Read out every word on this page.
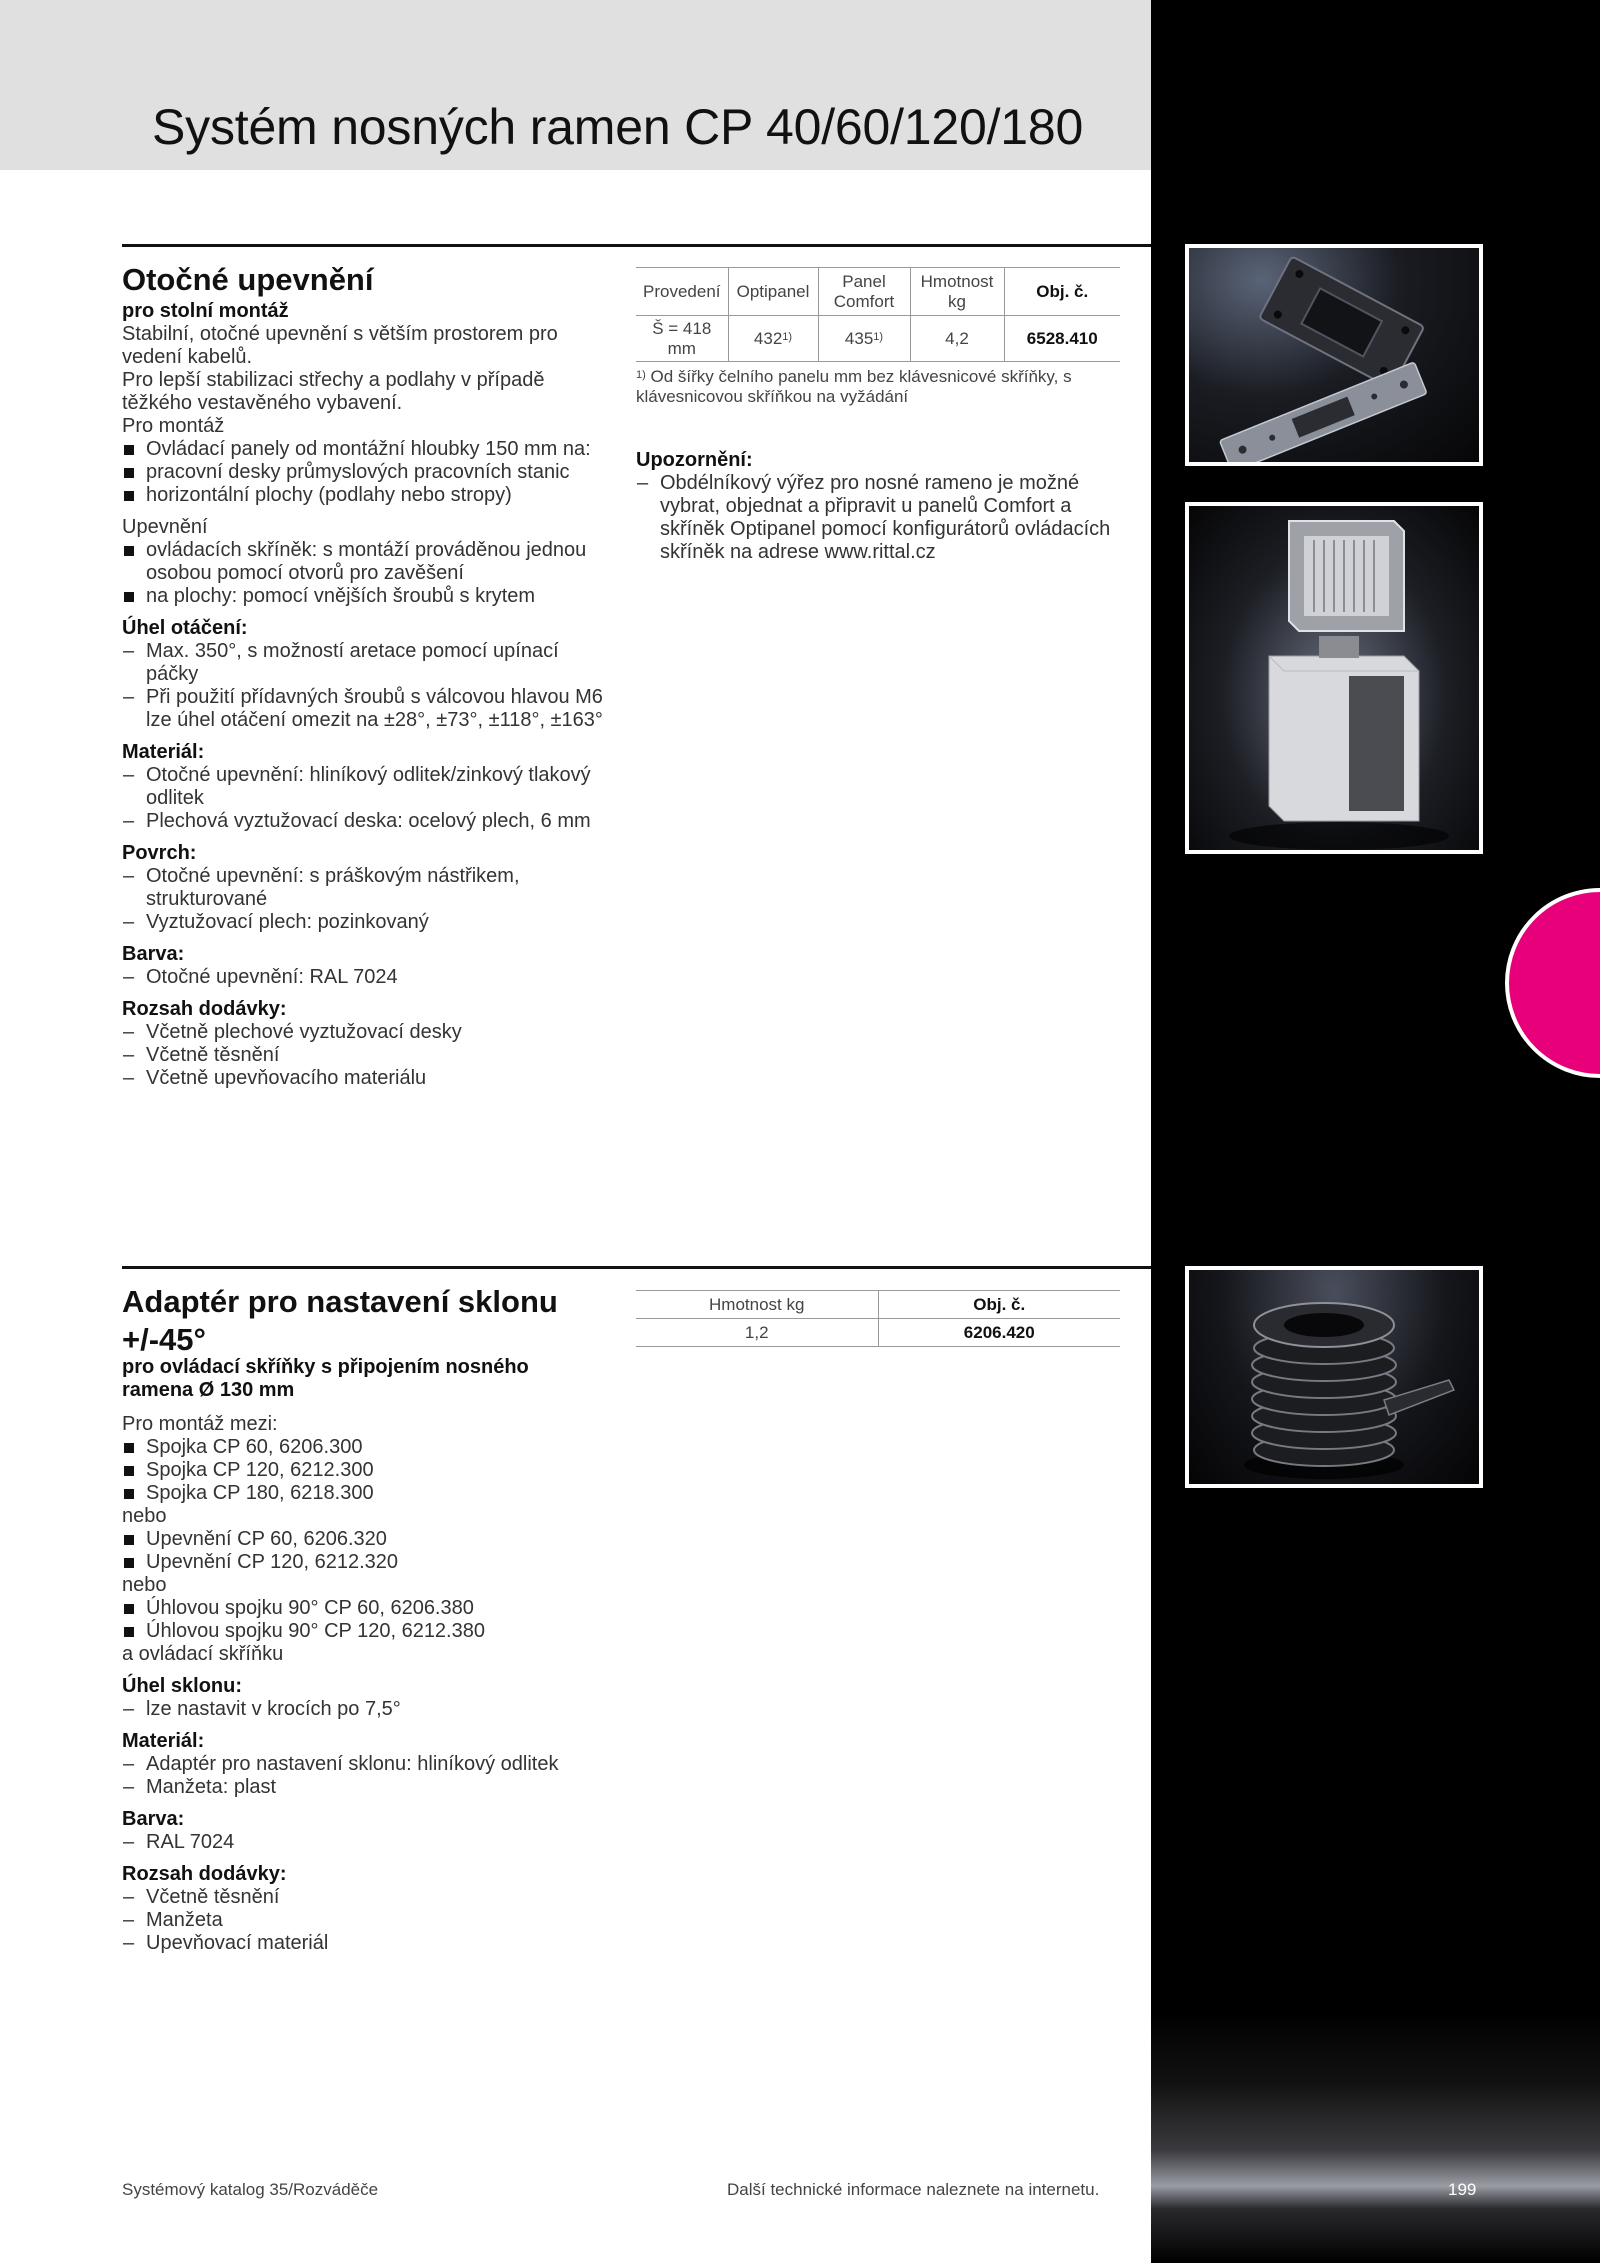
Systém nosných ramen CP 40/60/120/180
Otočné upevnění
pro stolní montáž

Stabilní, otočné upevnění s větším prostorem pro

vedení kabelů.

Pro lepší stabilizaci střechy a podlahy v případě

těžkého vestavěného vybavení.

Pro montáž

Ovládací panely od montážní hloubky 150 mm na:

pracovní desky průmyslových pracovních stanic

horizontální plochy (podlahy nebo stropy)

Upevnění

ovládacích skříněk: s montáží prováděnou jednou osobou pomocí otvorů pro zavěšení

na plochy: pomocí vnějších šroubů s krytem

Úhel otáčení:

– Max. 350°, s možností aretace pomocí upínací páčky

– Při použití přídavných šroubů s válcovou hlavou M6 lze úhel otáčení omezit na ±28°, ±73°, ±118°, ±163°

Materiál:

– Otočné upevnění: hliníkový odlitek/zinkový tlakový odlitek

– Plechová vyztužovací deska: ocelový plech, 6 mm

Povrch:

– Otočné upevnění: s práškovým nástřikem, strukturované

– Vyztužovací plech: pozinkovaný

Barva:

– Otočné upevnění: RAL 7024

Rozsah dodávky:

– Včetně plechové vyztužovací desky

– Včetně těsnění

– Včetně upevňovacího materiálu

Provedení	Optipanel	Panel Comfort	Hmotnost kg	Obj. č.
Š = 418 mm	432$^{1)}$	435$^{1)}$	4,2	6528.410
$^{1)}$ Od šířky čelního panelu mm bez klávesnicové skříňky, s klávesnicovou skříňkou na vyžádání

Upozornění:

– Obdélníkový výřez pro nosné rameno je možné vybrat, objednat a připravit u panelů Comfort a skříněk Optipanel pomocí konfigurátorů ovládacích skříněk na adrese www.rittal.cz

Adaptér pro nastavení sklonu
+/-45°
pro ovládací skříňky s připojením nosného
ramena Ø 130 mm

Pro montáž mezi:

Spojka CP 60, 6206.300

Spojka CP 120, 6212.300

Spojka CP 180, 6218.300

nebo

Upevnění CP 60, 6206.320

Upevnění CP 120, 6212.320

nebo

Úhlovou spojku 90° CP 60, 6206.380

Úhlovou spojku 90° CP 120, 6212.380

a ovládací skříňku

Úhel sklonu:

– lze nastavit v krocích po 7,5°

Materiál:

– Adaptér pro nastavení sklonu: hliníkový odlitek

– Manžeta: plast

Barva:

– RAL 7024

Rozsah dodávky:

– Včetně těsnění

– Manžeta

– Upevňovací materiál

Hmotnost kg	Obj. č.
1,2	6206.420
Systémový katalog 35/Rozváděče	Další technické informace naleznete na internetu.	199
